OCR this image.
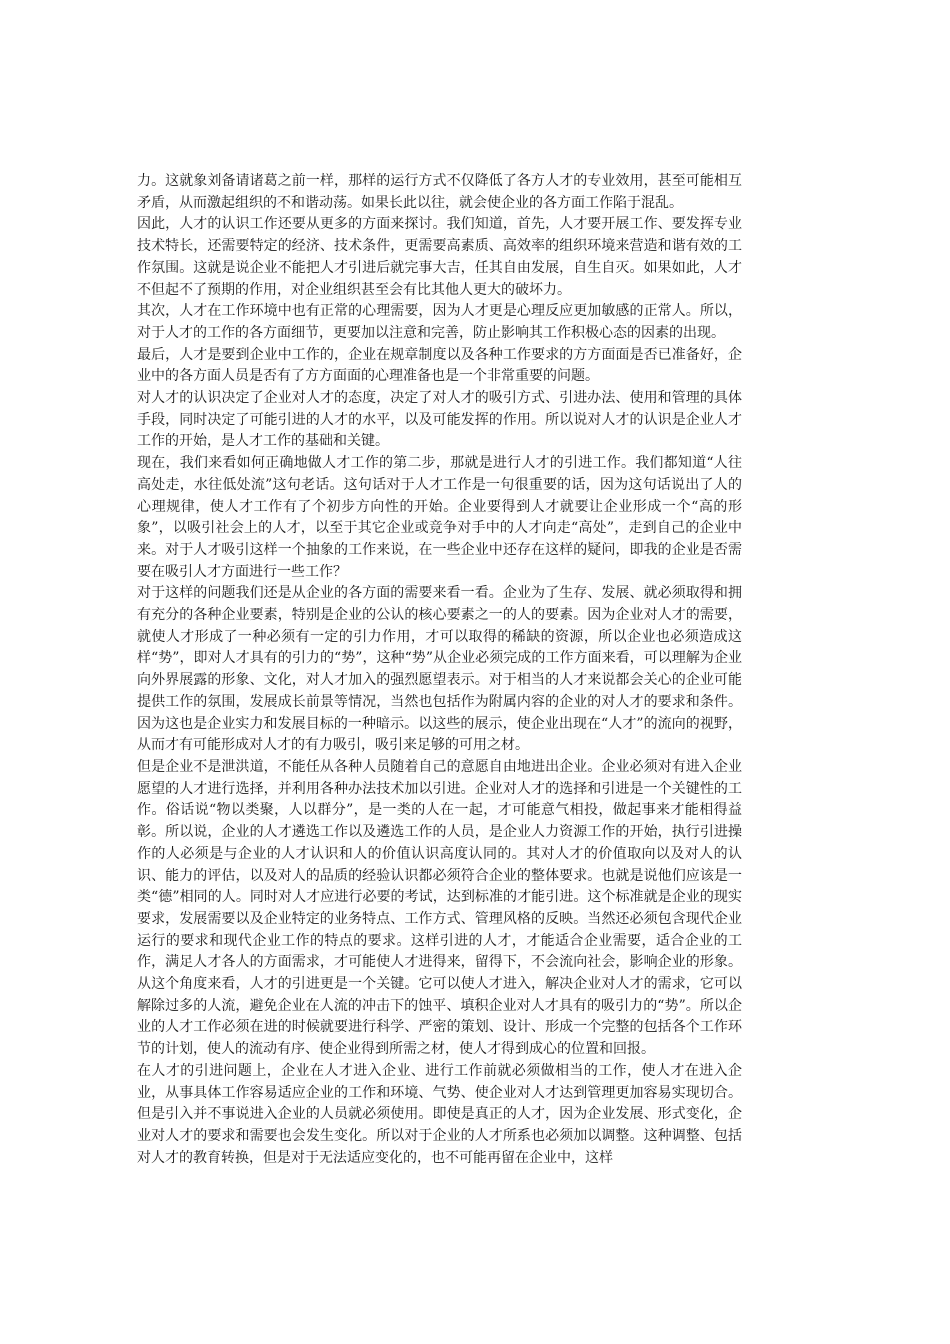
力。这就象刘备请诸葛之前一样，那样的运行方式不仅降低了各方人才的专业效用，甚至可能相互矛盾，从而激起组织的不和谐动荡。如果长此以往，就会使企业的各方面工作陷于混乱。

因此，人才的认识工作还要从更多的方面来探讨。我们知道，首先，人才要开展工作、要发挥专业技术特长，还需要特定的经济、技术条件，更需要高素质、高效率的组织环境来营造和谐有效的工作氛围。这就是说企业不能把人才引进后就完事大吉，任其自由发展，自生自灭。如果如此，人才不但起不了预期的作用，对企业组织甚至会有比其他人更大的破坏力。

其次，人才在工作环境中也有正常的心理需要，因为人才更是心理反应更加敏感的正常人。所以，对于人才的工作的各方面细节，更要加以注意和完善，防止影响其工作积极心态的因素的出现。

最后，人才是要到企业中工作的，企业在规章制度以及各种工作要求的方方面面是否已准备好，企业中的各方面人员是否有了方方面面的心理准备也是一个非常重要的问题。

对人才的认识决定了企业对人才的态度，决定了对人才的吸引方式、引进办法、使用和管理的具体手段，同时决定了可能引进的人才的水平，以及可能发挥的作用。所以说对人才的认识是企业人才工作的开始，是人才工作的基础和关键。

现在，我们来看如何正确地做人才工作的第二步，那就是进行人才的引进工作。我们都知道“人往高处走，水往低处流”这句老话。这句话对于人才工作是一句很重要的话，因为这句话说出了人的心理规律，使人才工作有了个初步方向性的开始。企业要得到人才就要让企业形成一个“高的形象”，以吸引社会上的人才，以至于其它企业或竞争对手中的人才向走“高处”，走到自己的企业中来。对于人才吸引这样一个抽象的工作来说，在一些企业中还存在这样的疑问，即我的企业是否需要在吸引人才方面进行一些工作？

对于这样的问题我们还是从企业的各方面的需要来看一看。企业为了生存、发展、就必须取得和拥有充分的各种企业要素，特别是企业的公认的核心要素之一的人的要素。因为企业对人才的需要，就使人才形成了一种必须有一定的引力作用，才可以取得的稀缺的资源，所以企业也必须造成这样“势”，即对人才具有的引力的“势”，这种“势”从企业必须完成的工作方面来看，可以理解为企业向外界展露的形象、文化，对人才加入的强烈愿望表示。对于相当的人才来说都会关心的企业可能提供工作的氛围，发展成长前景等情况，当然也包括作为附属内容的企业的对人才的要求和条件。因为这也是企业实力和发展目标的一种暗示。以这些的展示，使企业出现在“人才”的流向的视野，从而才有可能形成对人才的有力吸引，吸引来足够的可用之材。

但是企业不是泄洪道，不能任从各种人员随着自己的意愿自由地进出企业。企业必须对有进入企业愿望的人才进行选择，并利用各种办法技术加以引进。企业对人才的选择和引进是一个关键性的工作。俗话说“物以类聚，人以群分”，是一类的人在一起，才可能意气相投，做起事来才能相得益彰。所以说，企业的人才遴选工作以及遴选工作的人员，是企业人力资源工作的开始，执行引进操作的人必须是与企业的人才认识和人的价值认识高度认同的。其对人才的价值取向以及对人的认识、能力的评估，以及对人的品质的经验认识都必须符合企业的整体要求。也就是说他们应该是一类“德”相同的人。同时对人才应进行必要的考试，达到标准的才能引进。这个标准就是企业的现实要求，发展需要以及企业特定的业务特点、工作方式、管理风格的反映。当然还必须包含现代企业运行的要求和现代企业工作的特点的要求。这样引进的人才，才能适合企业需要，适合企业的工作，满足人才各人的方面需求，才可能使人才进得来，留得下，不会流向社会，影响企业的形象。从这个角度来看，人才的引进更是一个关键。它可以使人才进入，解决企业对人才的需求，它可以解除过多的人流，避免企业在人流的冲击下的蚀平、填积企业对人才具有的吸引力的“势”。所以企业的人才工作必须在进的时候就要进行科学、严密的策划、设计、形成一个完整的包括各个工作环节的计划，使人的流动有序、使企业得到所需之材，使人才得到成心的位置和回报。

在人才的引进问题上，企业在人才进入企业、进行工作前就必须做相当的工作，使人才在进入企业，从事具体工作容易适应企业的工作和环境、气势、使企业对人才达到管理更加容易实现切合。但是引入并不事说进入企业的人员就必须使用。即使是真正的人才，因为企业发展、形式变化，企业对人才的要求和需要也会发生变化。所以对于企业的人才所系也必须加以调整。这种调整、包括对人才的教育转换，但是对于无法适应变化的，也不可能再留在企业中，这样
